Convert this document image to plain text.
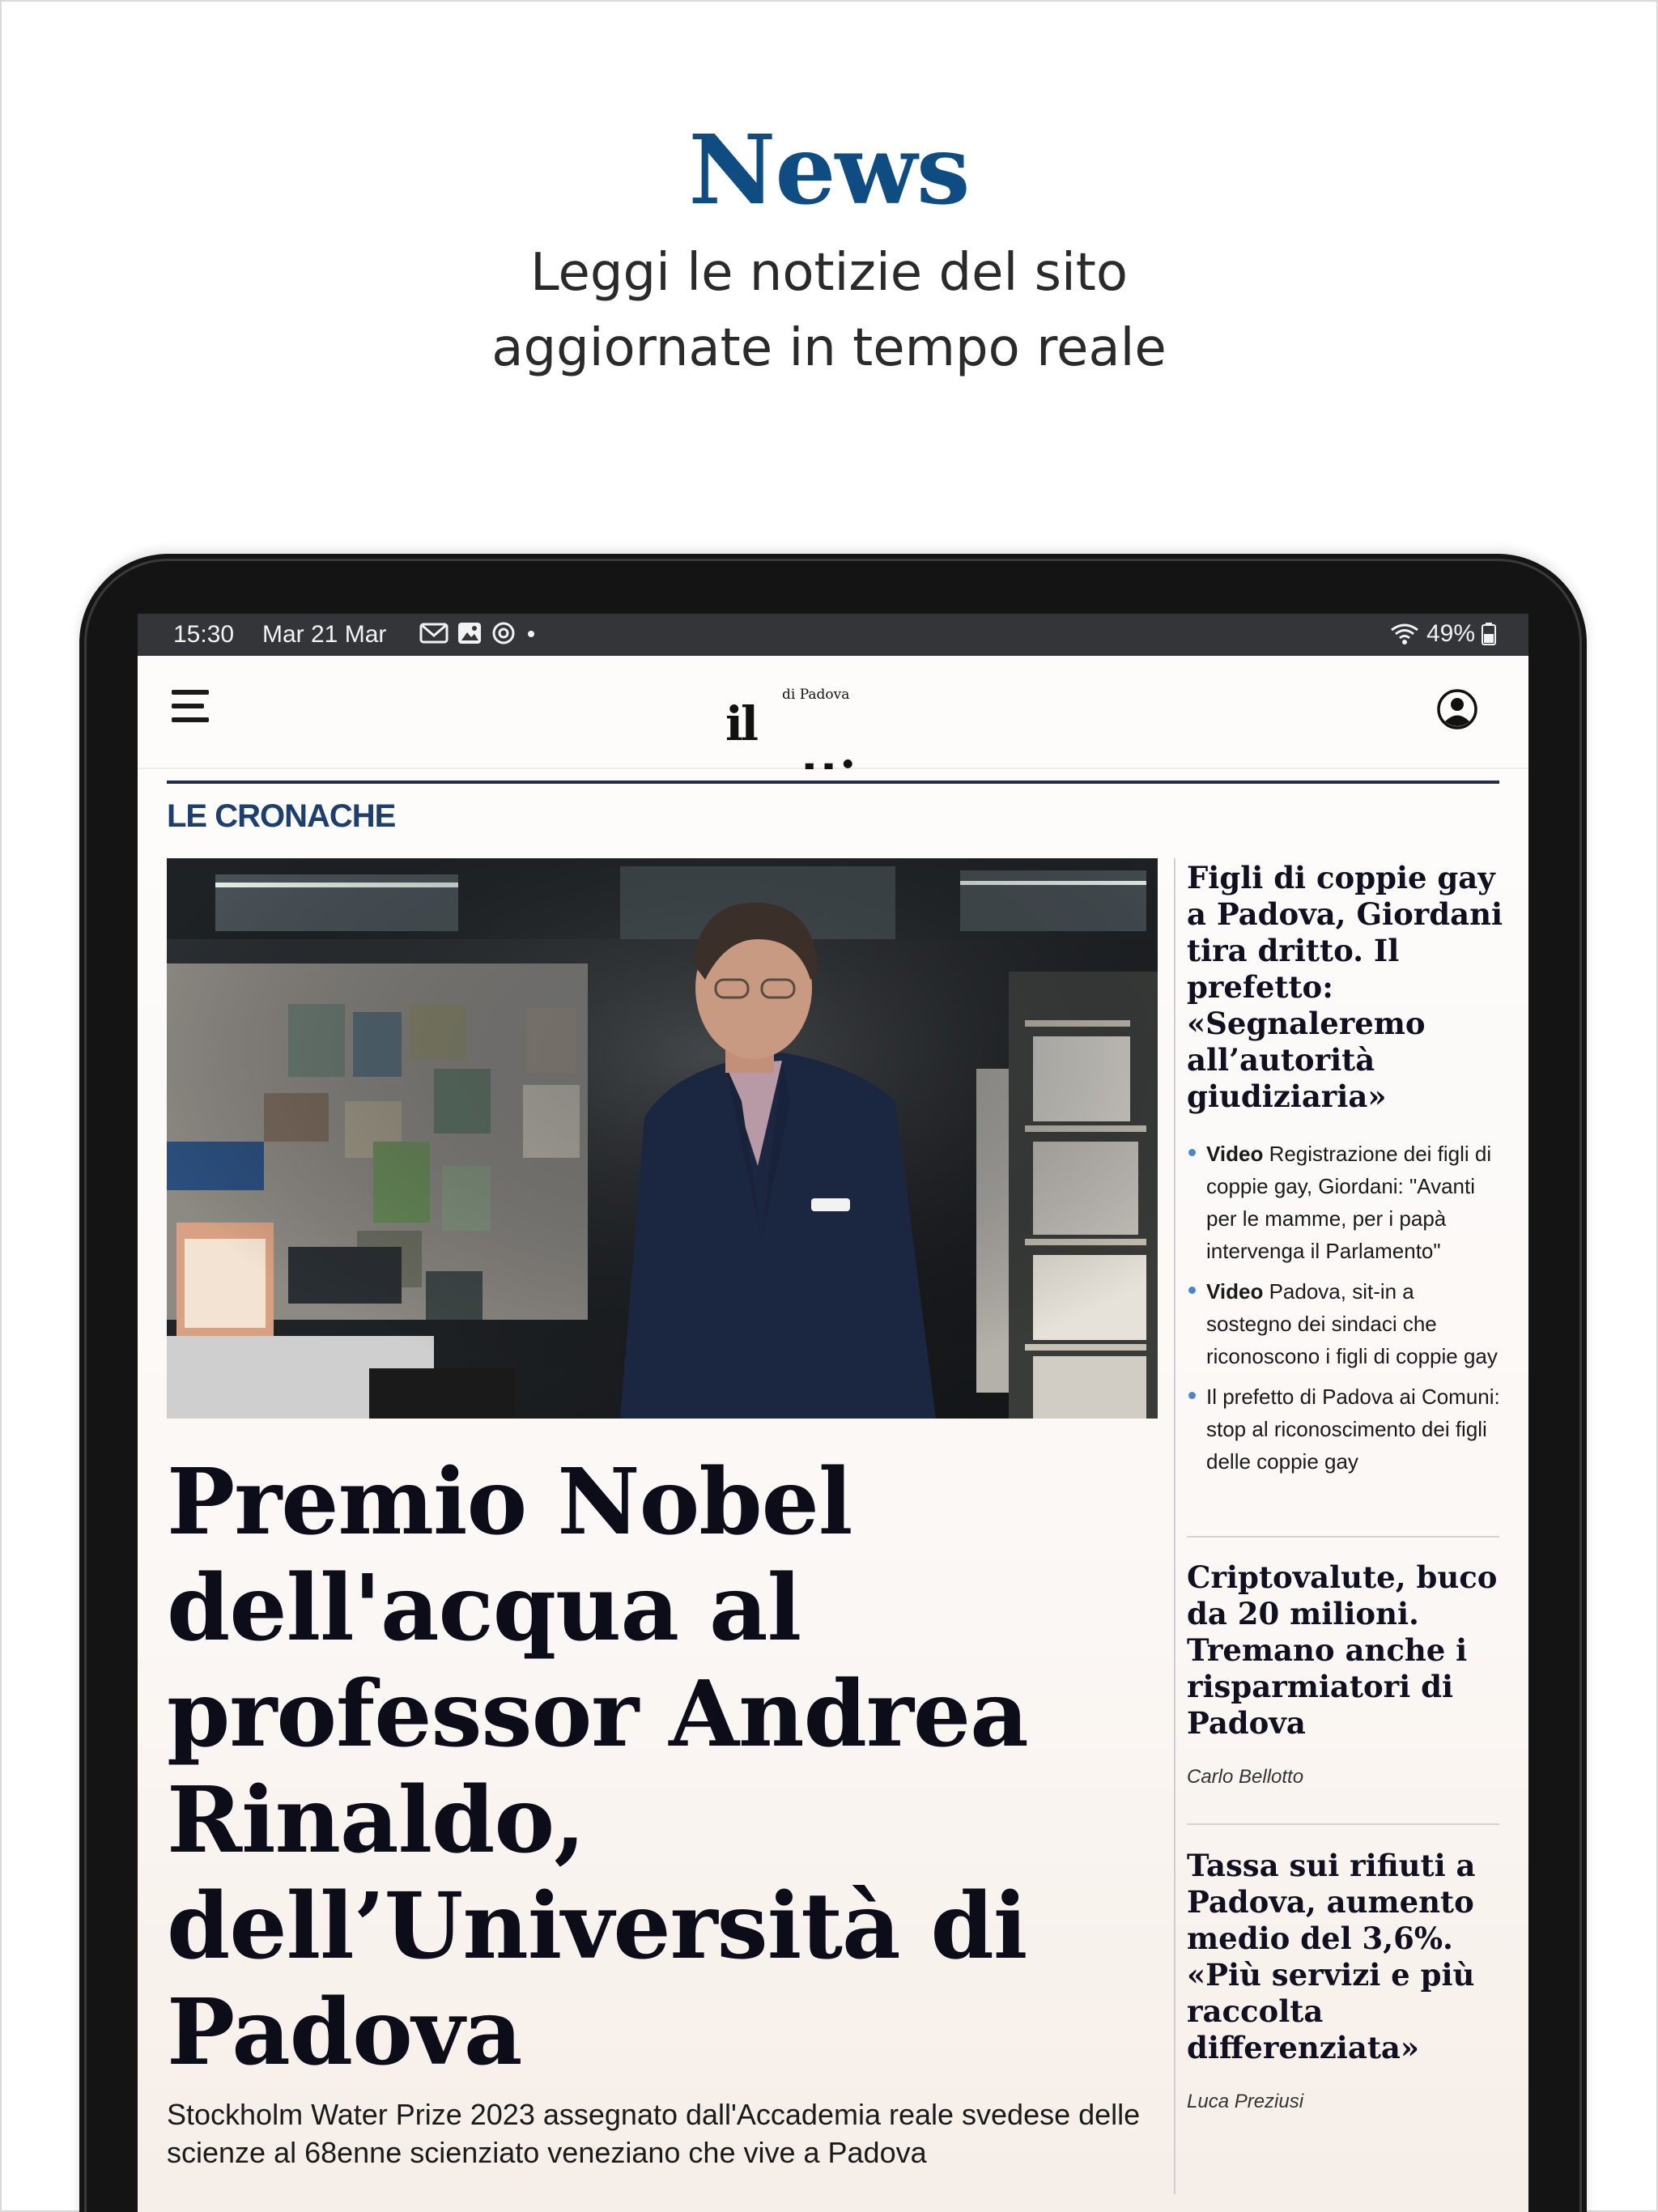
News
Leggi le notizie del sito
aggiornate in tempo reale
15:30 Mar 21 Mar	49%
di Padova
il
LE CRONACHE
Premio Nobel dell'acqua al professor Andrea Rinaldo, dell’Università di Padova
Stockholm Water Prize 2023 assegnato dall'Accademia reale svedese delle scienze al 68enne scienziato veneziano che vive a Padova
Figli di coppie gay a Padova, Giordani tira dritto. Il prefetto: «Segnaleremo all’autorità giudiziaria»
Video Registrazione dei figli di coppie gay, Giordani: "Avanti per le mamme, per i papà intervenga il Parlamento"
Video Padova, sit-in a sostegno dei sindaci che riconoscono i figli di coppie gay
Il prefetto di Padova ai Comuni: stop al riconoscimento dei figli delle coppie gay
Criptovalute, buco da 20 milioni. Tremano anche i risparmiatori di Padova
Carlo Bellotto
Tassa sui rifiuti a Padova, aumento medio del 3,6%. «Più servizi e più raccolta differenziata»
Luca Preziusi
